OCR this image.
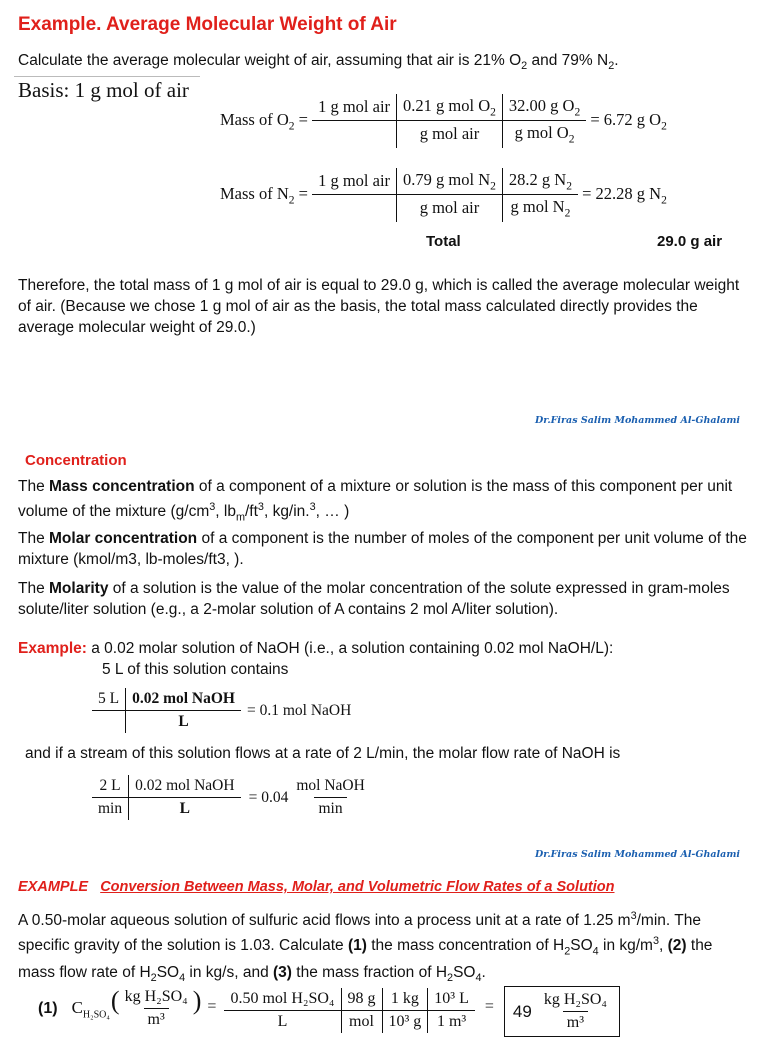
Example. Average Molecular Weight of Air
Calculate the average molecular weight of air, assuming that air is 21% $O_2$ and 79% $N_2$.
Basis: 1 g mol of air
Mass of $O_2$ =
1 g mol air	0.21 g mol $O_2$	32.00 g $O_2$
	g mol air	g mol $O_2$
= 6.72 g $O_2$
Mass of $N_2$ =
1 g mol air	0.79 g mol $N_2$	28.2 g $N_2$
	g mol air	g mol $N_2$
= 22.28 g $N_2$
Total	29.0 g air
Therefore, the total mass of 1 g mol of air is equal to 29.0 g, which is called the average molecular weight of air. (Because we chose 1 g mol of air as the basis, the total mass calculated directly provides the average molecular weight of 29.0.)
Dr.Firas Salim Mohammed Al-Ghalami
Concentration
The Mass concentration of a component of a mixture or solution is the mass of this component per unit volume of the mixture ($g/cm^3$, $lb_m/ft^3$, kg/in.$^3$, … )
The Molar concentration of a component is the number of moles of the component per unit volume of the mixture (kmol/m3, lb-moles/ft3, ).
The Molarity of a solution is the value of the molar concentration of the solute expressed in gram-moles solute/liter solution (e.g., a 2-molar solution of A contains 2 mol A/liter solution).
Example: a 0.02 molar solution of NaOH (i.e., a solution containing 0.02 mol NaOH/L):
5 L of this solution contains
5 L	0.02 mol NaOH
	L
= 0.1 mol NaOH
and if a stream of this solution flows at a rate of 2 L/min, the molar flow rate of NaOH is
2 L	0.02 mol NaOH
min	L
= $0.04 \frac{\text{mol NaOH}}{\min}$
Dr.Firas Salim Mohammed Al-Ghalami
EXAMPLE Conversion Between Mass, Molar, and Volumetric Flow Rates of a Solution
A 0.50-molar aqueous solution of sulfuric acid flows into a process unit at a rate of 1.25 $m^3/\min$. The specific gravity of the solution is 1.03. Calculate (1) the mass concentration of $H_2SO_4$ in $kg/m^3$, (2) the mass flow rate of $H_2SO_4$ in kg/s, and (3) the mass fraction of $H_2SO_4$.
(1) $C_{H_2SO_4}$ ( $\frac{\text{kg H₂SO₄}}{\text{m³}}$ ) = 0.50 mol H₂SO₄	98 g	1 kg	10³ L
L	mol	10³ g	1 m³
= $49 \frac{\text{kg H₂SO₄}}{\text{m³}}$
